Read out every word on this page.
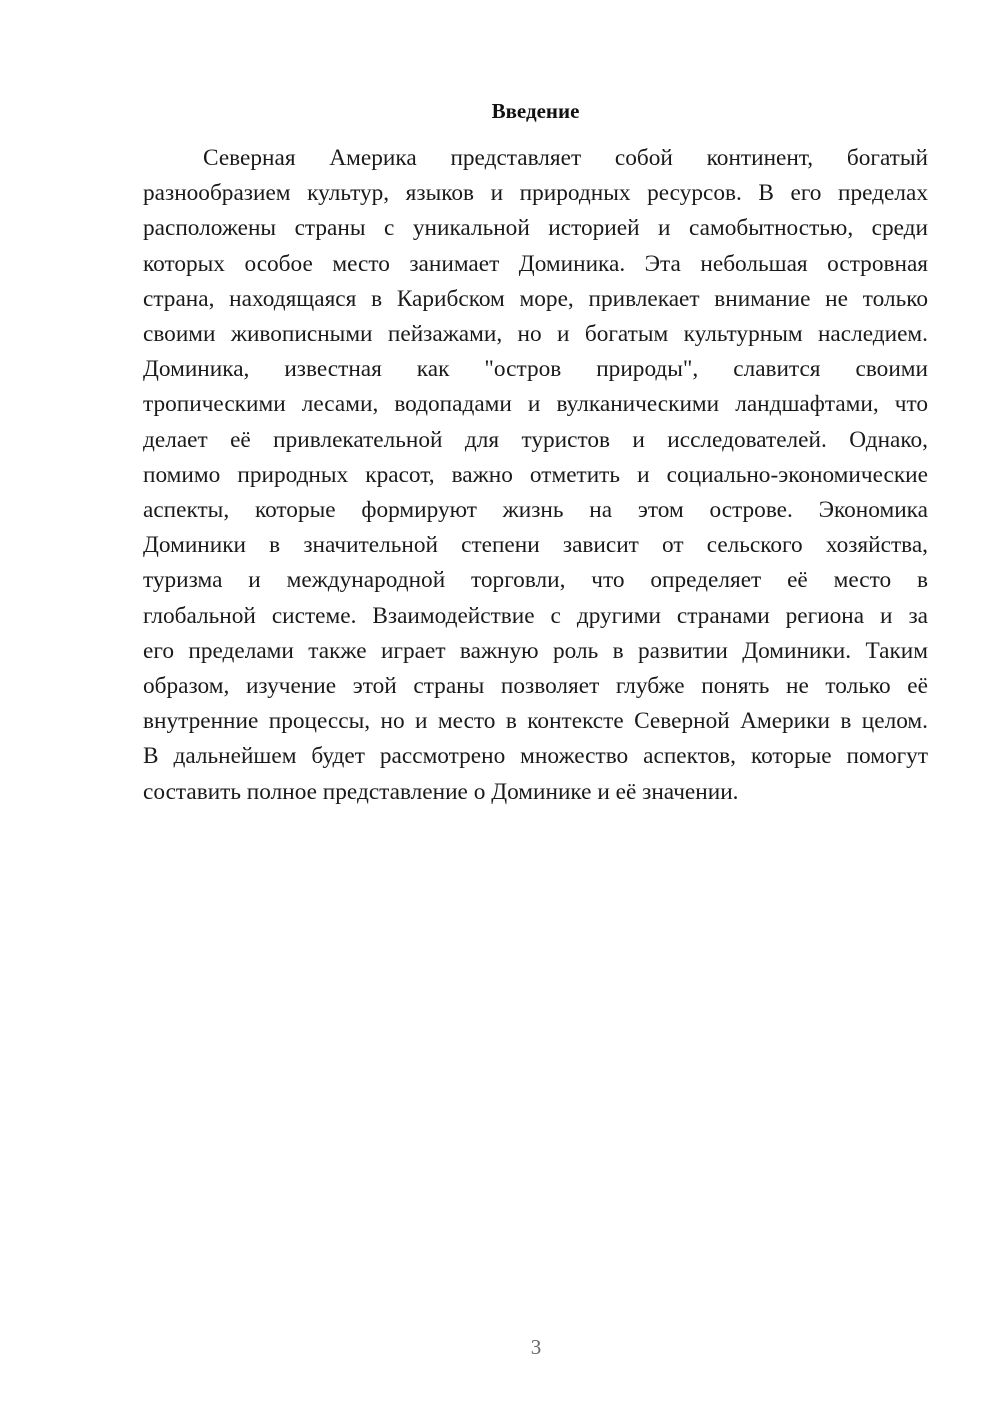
Введение
Северная Америка представляет собой континент, богатый
разнообразием культур, языков и природных ресурсов. В его пределах
расположены страны с уникальной историей и самобытностью, среди
которых особое место занимает Доминика. Эта небольшая островная
страна, находящаяся в Карибском море, привлекает внимание не только
своими живописными пейзажами, но и богатым культурным наследием.
Доминика, известная как "остров природы", славится своими
тропическими лесами, водопадами и вулканическими ландшафтами, что
делает её привлекательной для туристов и исследователей. Однако,
помимо природных красот, важно отметить и социально-экономические
аспекты, которые формируют жизнь на этом острове. Экономика
Доминики в значительной степени зависит от сельского хозяйства,
туризма и международной торговли, что определяет её место в
глобальной системе. Взаимодействие с другими странами региона и за
его пределами также играет важную роль в развитии Доминики. Таким
образом, изучение этой страны позволяет глубже понять не только её
внутренние процессы, но и место в контексте Северной Америки в целом.
В дальнейшем будет рассмотрено множество аспектов, которые помогут
составить полное представление о Доминике и её значении.
3
